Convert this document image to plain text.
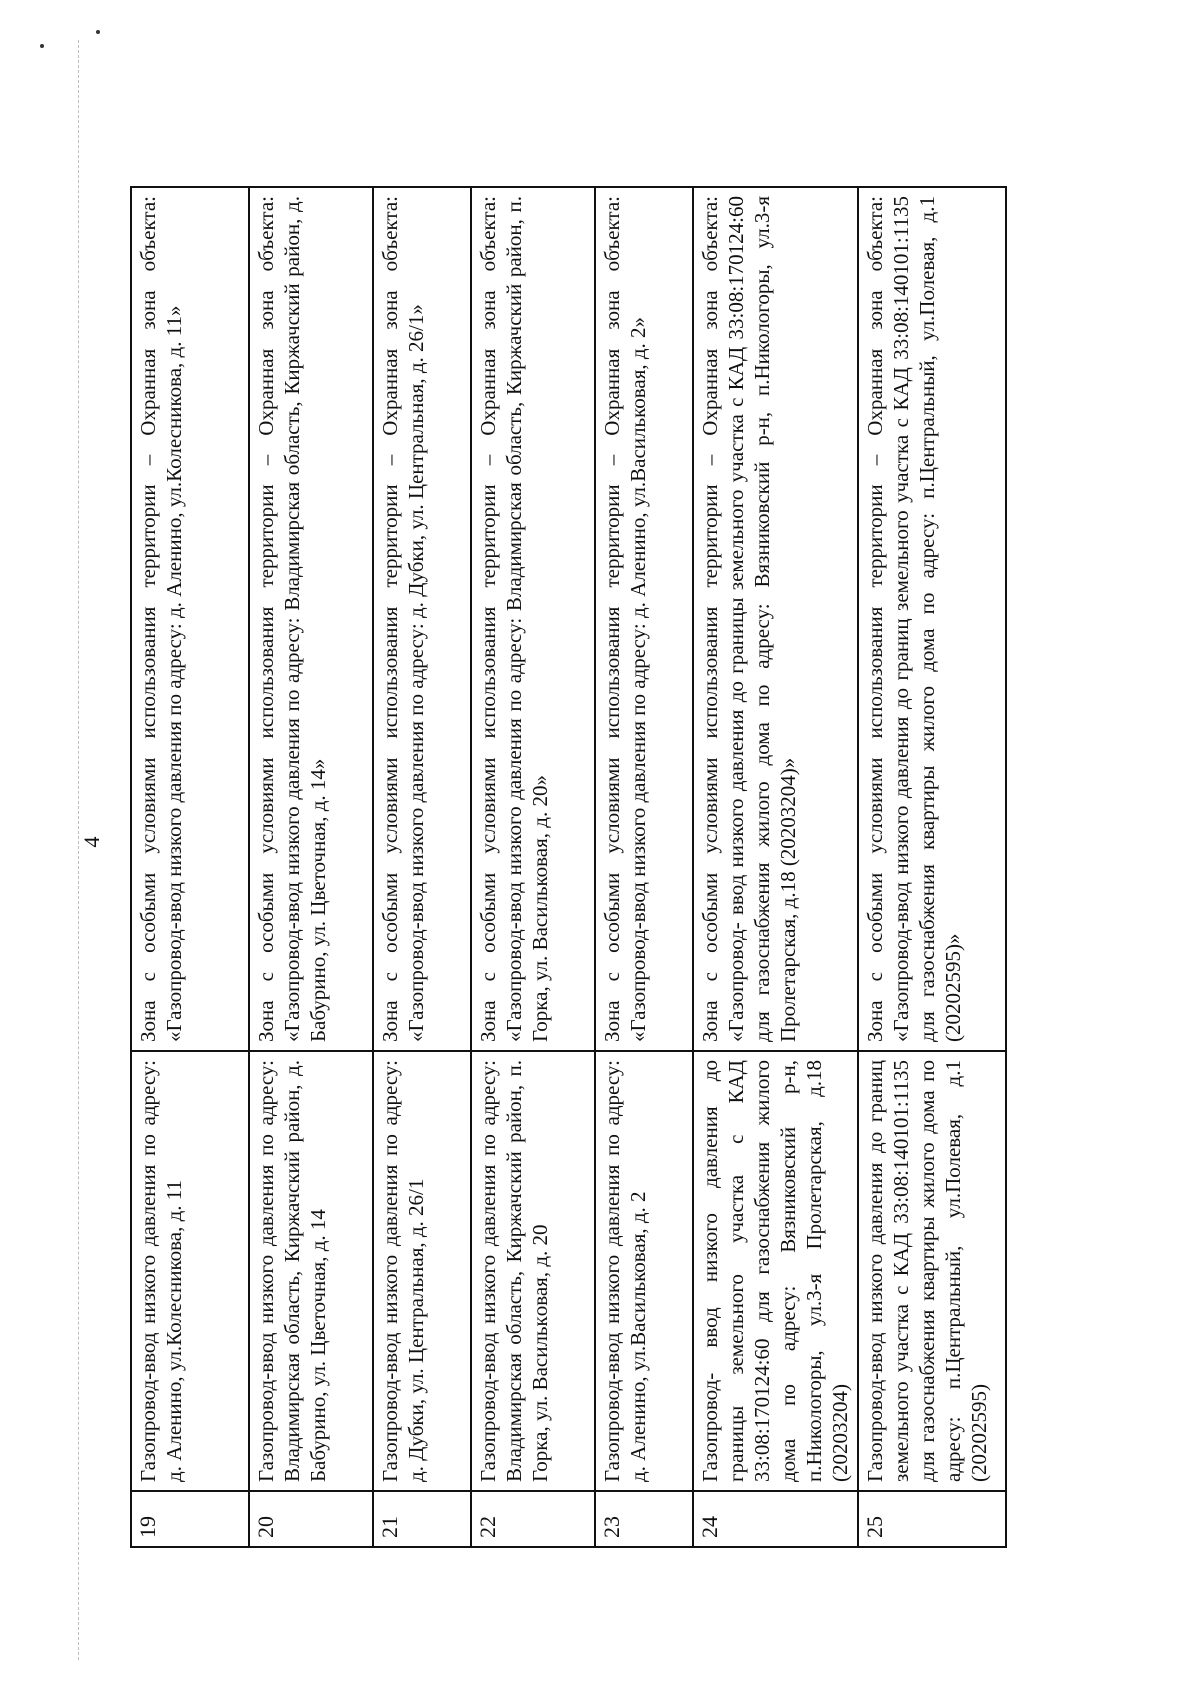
4
19	Газопровод-ввод низкого давления по адресу: д. Аленино, ул.Колесникова, д. 11	Зона с особыми условиями использования территории – Охранная зона объекта: «Газопровод-ввод низкого давления по адресу: д. Аленино, ул.Колесникова, д. 11»
20	Газопровод-ввод низкого давления по адресу: Владимирская область, Киржачский район, д. Бабурино, ул. Цветочная, д. 14	Зона с особыми условиями использования территории – Охранная зона объекта: «Газопровод-ввод низкого давления по адресу: Владимирская область, Киржачский район, д. Бабурино, ул. Цветочная, д. 14»
21	Газопровод-ввод низкого давления по адресу: д. Дубки, ул. Центральная, д. 26/1	Зона с особыми условиями использования территории – Охранная зона объекта: «Газопровод-ввод низкого давления по адресу: д. Дубки, ул. Центральная, д. 26/1»
22	Газопровод-ввод низкого давления по адресу: Владимирская область, Киржачский район, п. Горка, ул. Василькoвая, д. 20	Зона с особыми условиями использования территории – Охранная зона объекта: «Газопровод-ввод низкого давления по адресу: Владимирская область, Киржачский район, п. Горка, ул. Васильковая, д. 20»
23	Газопровод-ввод низкого давления по адресу: д. Аленино, ул.Васильковая, д. 2	Зона с особыми условиями использования территории – Охранная зона объекта: «Газопровод-ввод низкого давления по адресу: д. Аленино, ул.Васильковая, д. 2»
24	Газопровод- ввод низкого давления до границы земельного участка с КАД 33:08:170124:60 для газоснабжения жилого дома по адресу: Вязниковский р-н, п.Никологоры, ул.3-я Пролетарская, д.18 (20203204)	Зона с особыми условиями использования территории – Охранная зона объекта: «Газопровод- ввод низкого давления до границы земельного участка с КАД 33:08:170124:60 для газоснабжения жилого дома по адресу: Вязниковский р-н, п.Никологоры, ул.3-я Пролетарская, д.18 (20203204)»
25	Газопровод-ввод низкого давления до границ земельного участка с КАД 33:08:140101:1135 для газоснабжения квартиры жилого дома по адресу: п.Центральный, ул.Полевая, д.1 (20202595)	Зона с особыми условиями использования территории – Охранная зона объекта: «Газопровод-ввод низкого давления до границ земельного участка с КАД 33:08:140101:1135 для газоснабжения квартиры жилого дома по адресу: п.Центральный, ул.Полевая, д.1 (20202595)»
